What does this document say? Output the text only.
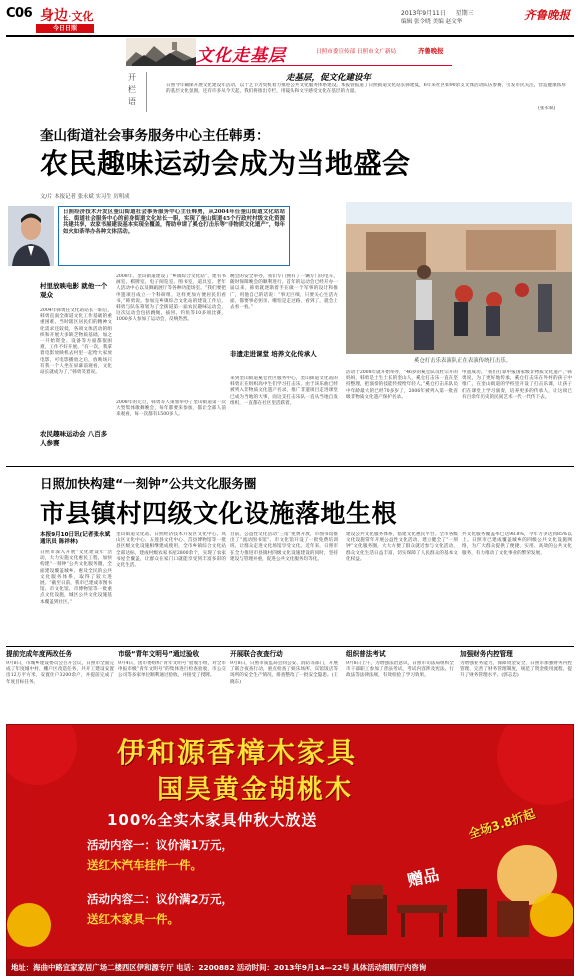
C06 身边·文化
今日日照
2013年9月11日 星期三
编辑 张令晓 美编 赵文华	齐鲁晚报
文化走基层	日照市委宣传部 日照市文广新局	齐鲁晚报
开栏语
走基层，促文化建设年
日照今年确保开展文化建设年活动，以十艺节为契机着力推进公共文化服务体系建设。本报曾报道了日照街道文化站长韩建夏，6年来社区如90余支文体活动队伍参赛，引发市民关注，营造健康浓厚的基层文化氛围，还有许多从今天起，我们将推出专栏，用镜头和文字感受文化在基层的力量。
(张永斌)
奎山街道社会事务服务中心主任韩勇：
农民趣味运动会成为当地盛会
文/片 本报记者 张永斌 实习生 厉明成
日照经济技术开发区奎山街道社会事务服务中心主任韩勇，从2004年任奎山街道文化站站长、街道社会服务中心的前身街道文化站长一职，实现了奎山街道45个行政村村级文化资源共建共享，农家书屋建设基本实现全覆盖，帮助申请了奚仓打击乐等“非物质文化遗产”，每年如火如荼举办各种文体活动。
奚仓打击乐表演队正在表演传统打击乐。
村里放映电影 就他一个观众
2004年韩勇任文化站站长一职后，韩勇直面全街道文化工作基础的重重困难。当时辖区居民们的精神文化需求还较低，各项文体活动的组织和开展大多缺乏物质基础，加之一开始资金、设备等方面都很困难，工作不好开展。“有一次，我拿着电影放映机去村里一起给大家放电影，可电影播放之后，放映场只有我一个人坐在屏幕前观看，文化站长就成为了，”韩勇笑着说。
农民趣味运动会 八百多人参赛
2008年，奎山街道建设了“乡镇综合文化站”，建有书画室、棋牌室、电子阅览室、图书室、道具室、老年人活动中心以及舞蹈展厅等各种功能场室。“我们要把申遗项目成立一个科研组，这样更加方便居民们看书，”韩勇说。参加完乡镇综合文化站的建设工作后，韩勇与队伍筹划为了全街道第一届农民趣味运动会，这次运动会包括跳绳、拔河、钓鱼等10多项比赛，1000多人参加了运动会，反响热烈。
2008年的元旦，韩勇等人策划举办了奎山街道第一次大型集体歌舞晚会，每年都要来参加，都让全部人前来观看，每一次都有1500多人。
晚会的安全举办，我们专门拥有了一辆专门的电车，随时保障晚会的顺利进行。首年的运动会已经开办一届以来，韩勇就逐渐着手在做一个军事的设计和推广，用他自己的话说：“事无巨细，只要关心生活方面，都要事必躬亲，哪怕是走过路，看到了，就会上去看一看。”
非遗走进课堂 培养文化传承人
来到奎山街道奚仓社区服务中心，奎山街道文化站的韩勇正在组织高中生们学习打击乐，由于该乐曲已经被列入非物质文化遗产名录，推广非遗项目走进课堂已成为当地的大事，而这支打击乐队一直从当地自发组织，一直都在社区里活跃着。
活动于2008年就开始举办，“46岁的奚仓队员杜宗开的妈妈，韩勇是土生土长的奎山人，奚仓打击乐一直在坚持整理，把演奏的技能传授给年轻人。”奚仓打击乐队员中年龄最大的已经70多岁了，2006年被列入第一批省级非物质文化遗产保护名录。
申遗成功。“我们打算申报国家级非物质文化遗产，”韩勇说，为了更好地传承，奚仓打击乐在外村的孩子中推广，在奎山街道的学校里开设了打击乐课，让孩子们在课堂上学习演奏，培养更多的传承人，让这项已有百余年历史的民间艺术一代一代传下去。
日照加快构建“一刻钟”公共文化服务圈
市县镇村四级文化设施落地生根
本报9月10日讯(记者张永斌 通讯员 陈祥林)
日照市深入开展“文化建设年”活动，大力实施文化惠民工程，加快构建“一刻钟”公共文化服务圈，全面建设覆盖城乡、惠及全民的公共文化服务体系，取得了较大进展。“截至日前，我市已建成市图书馆、市文化馆、市博物馆等一批重点文化设施，城区公共文化设施基本覆盖到社区。”
奎山街道文化站、日照经济技术开发区文化中心、岚山区文化中心、五莲县文化中心、莒县博物馆等一批县区级文化设施相继建成使用，全市乡镇综合文化站全部达标，建成村级农家书屋2800余个，实现了农家书屋全覆盖，让群众在家门口就能享受到丰富多彩的文化生活。
目前，公益性文化活动“三馆”免费开放，市图书馆推出了“流动图书馆”，市文化馆开设了一批免费培训班，让群众走进文化场馆享受文化。近年来，日照市在全力推进市县镇村四级文化设施建设的同时，坚持建设与管理并重，促进公共文化服务均等化。
建设公共文化服务体系，搭建文化惠民平台。全市各级文化设施常年开展公益性文化活动，建立健全了“一刻钟”文化服务圈，大大方便了群众就近参与文化活动，群众文化生活日益丰富，切实保障了人民群众的基本文化权益。
共文化服务覆盖率已达98.8%，今年力争达到85%以上。日照市已建成覆盖城乡的四级公共文化设施网络，为广大群众提供了便捷、实用、高效的公共文化服务，有力推动了文化事业的繁荣发展。
提前完成年度两改任务
9月8日，市城乡建设委员会召开会议，日照市全面完成了年度城中村、棚户区改造任务，共开工建设安置房12万平方米，安置住户3200余户，并提前完成了年度目标任务。
市级“青年文明号”通过验收
9月4日，团市委组织“青年文明号”验收小组，对全市申报市级“青年文明号”的集体进行检查验收，市公交公司等多家单位顺利通过验收，并接受了授牌。
开展联合夜查行动
9月8日，日照市质监局会同公安、消防等部门，开展了联合夜查行动，重点检查了娱乐场所、宾馆饭店等场所的安全生产情况，排查整改了一批安全隐患。(王晓东)
组织普法考试
9月8日上午，为增强法治意识，日照市司法局组织全市干部职工参加了普法考试，考试内容涉及宪法、行政法等法律法规，有效检验了学习效果。
加强财务内控管理
为增强业务能力，保障资金安全，日照市加强财务内控管理，完善了财务管理制度，规范了资金使用流程，提升了财务管理水平。(郭志忠)
伊和源香樟木家具
国昊黄金胡桃木
100%全实木家具仲秋大放送	全场3.8折起
赠品
活动内容一：议价满1万元，
送红木汽车挂件一件。
活动内容二：议价满2万元，
送红木家具一件。
地址：海曲中路宜家家居广场二楼西区伊和源专厅 电话：2200882 活动时间：2013年9月14—22号 具体活动细则厅内咨询
